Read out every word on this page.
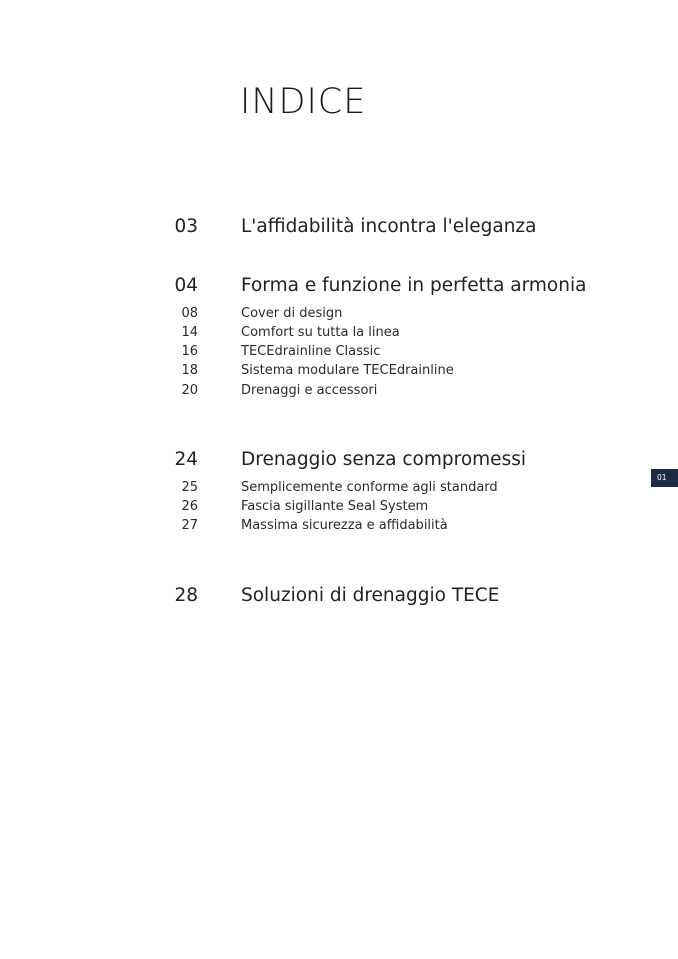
INDICE
03 L'affidabilità incontra l'eleganza
04 Forma e funzione in perfetta armonia
08	Cover di design
14	Comfort su tutta la linea
16	TECEdrainline Classic
18	Sistema modulare TECEdrainline
20	Drenaggi e accessori
24 Drenaggio senza compromessi
25	Semplicemente conforme agli standard
26	Fascia sigillante Seal System
27	Massima sicurezza e affidabilità
28 Soluzioni di drenaggio TECE
01
